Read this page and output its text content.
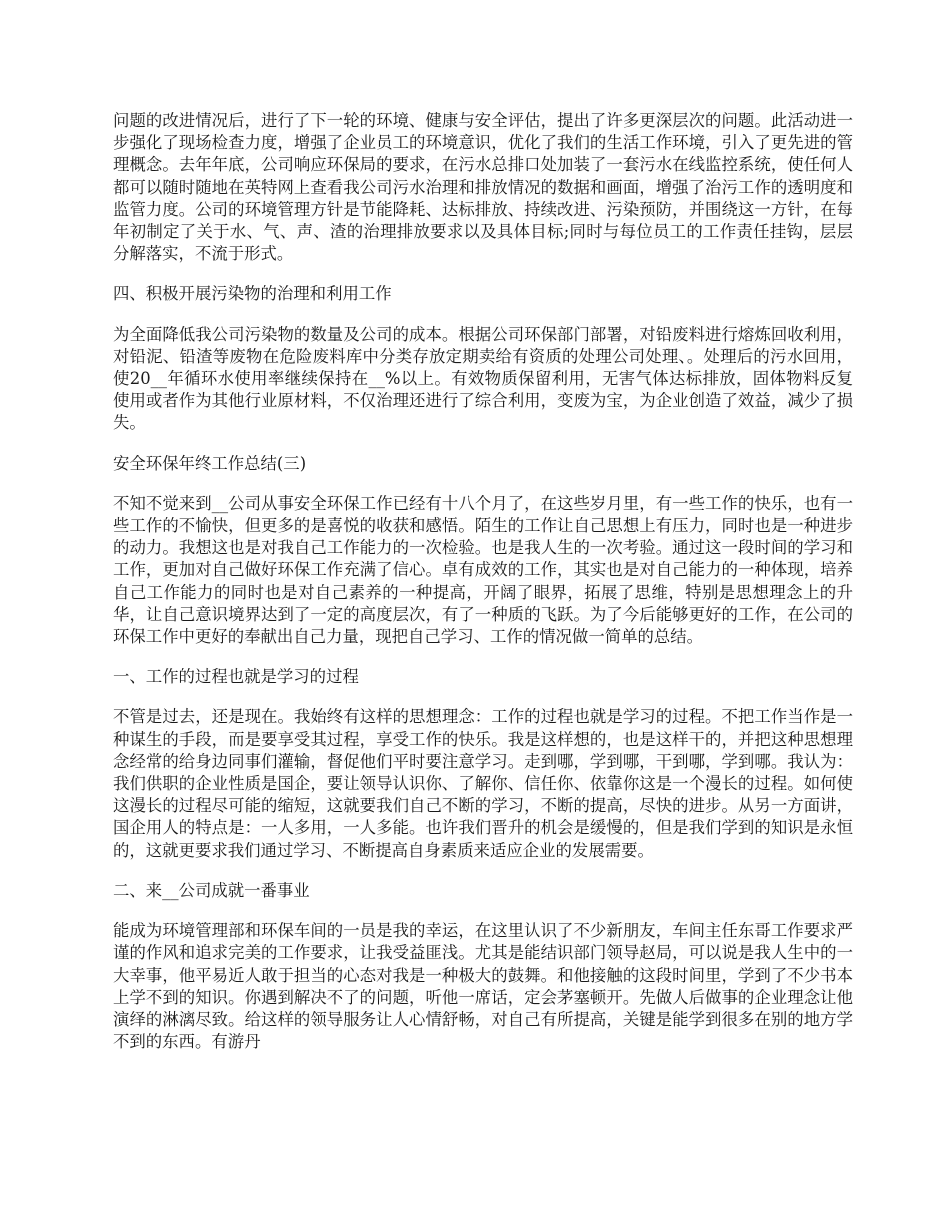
问题的改进情况后，进行了下一轮的环境、健康与安全评估，提出了许多更深层次的问题。此活动进一步强化了现场检查力度，增强了企业员工的环境意识，优化了我们的生活工作环境，引入了更先进的管理概念。去年年底，公司响应环保局的要求，在污水总排口处加装了一套污水在线监控系统，使任何人都可以随时随地在英特网上查看我公司污水治理和排放情况的数据和画面，增强了治污工作的透明度和监管力度。公司的环境管理方针是节能降耗、达标排放、持续改进、污染预防，并围绕这一方针，在每年初制定了关于水、气、声、渣的治理排放要求以及具体目标;同时与每位员工的工作责任挂钩，层层分解落实，不流于形式。

四、积极开展污染物的治理和利用工作

为全面降低我公司污染物的数量及公司的成本。根据公司环保部门部署，对铅废料进行熔炼回收利用，对铅泥、铅渣等废物在危险废料库中分类存放定期卖给有资质的处理公司处理、。处理后的污水回用，使20__年循环水使用率继续保持在__%以上。有效物质保留利用，无害气体达标排放，固体物料反复使用或者作为其他行业原材料，不仅治理还进行了综合利用，变废为宝，为企业创造了效益，减少了损失。

安全环保年终工作总结(三)

不知不觉来到__公司从事安全环保工作已经有十八个月了，在这些岁月里，有一些工作的快乐，也有一些工作的不愉快，但更多的是喜悦的收获和感悟。陌生的工作让自己思想上有压力，同时也是一种进步的动力。我想这也是对我自己工作能力的一次检验。也是我人生的一次考验。通过这一段时间的学习和工作，更加对自己做好环保工作充满了信心。卓有成效的工作，其实也是对自己能力的一种体现，培养自己工作能力的同时也是对自己素养的一种提高，开阔了眼界，拓展了思维，特别是思想理念上的升华，让自己意识境界达到了一定的高度层次，有了一种质的飞跃。为了今后能够更好的工作，在公司的环保工作中更好的奉献出自己力量，现把自己学习、工作的情况做一简单的总结。

一、工作的过程也就是学习的过程

不管是过去，还是现在。我始终有这样的思想理念：工作的过程也就是学习的过程。不把工作当作是一种谋生的手段，而是要享受其过程，享受工作的快乐。我是这样想的，也是这样干的，并把这种思想理念经常的给身边同事们灌输，督促他们平时要注意学习。走到哪，学到哪，干到哪，学到哪。我认为：我们供职的企业性质是国企，要让领导认识你、了解你、信任你、依靠你这是一个漫长的过程。如何使这漫长的过程尽可能的缩短，这就要我们自己不断的学习，不断的提高，尽快的进步。从另一方面讲，国企用人的特点是：一人多用，一人多能。也许我们晋升的机会是缓慢的，但是我们学到的知识是永恒的，这就更要求我们通过学习、不断提高自身素质来适应企业的发展需要。

二、来__公司成就一番事业

能成为环境管理部和环保车间的一员是我的幸运，在这里认识了不少新朋友，车间主任东哥工作要求严谨的作风和追求完美的工作要求，让我受益匪浅。尤其是能结识部门领导赵局，可以说是我人生中的一大幸事，他平易近人敢于担当的心态对我是一种极大的鼓舞。和他接触的这段时间里，学到了不少书本上学不到的知识。你遇到解决不了的问题，听他一席话，定会茅塞顿开。先做人后做事的企业理念让他演绎的淋漓尽致。给这样的领导服务让人心情舒畅，对自己有所提高，关键是能学到很多在别的地方学不到的东西。有游丹
